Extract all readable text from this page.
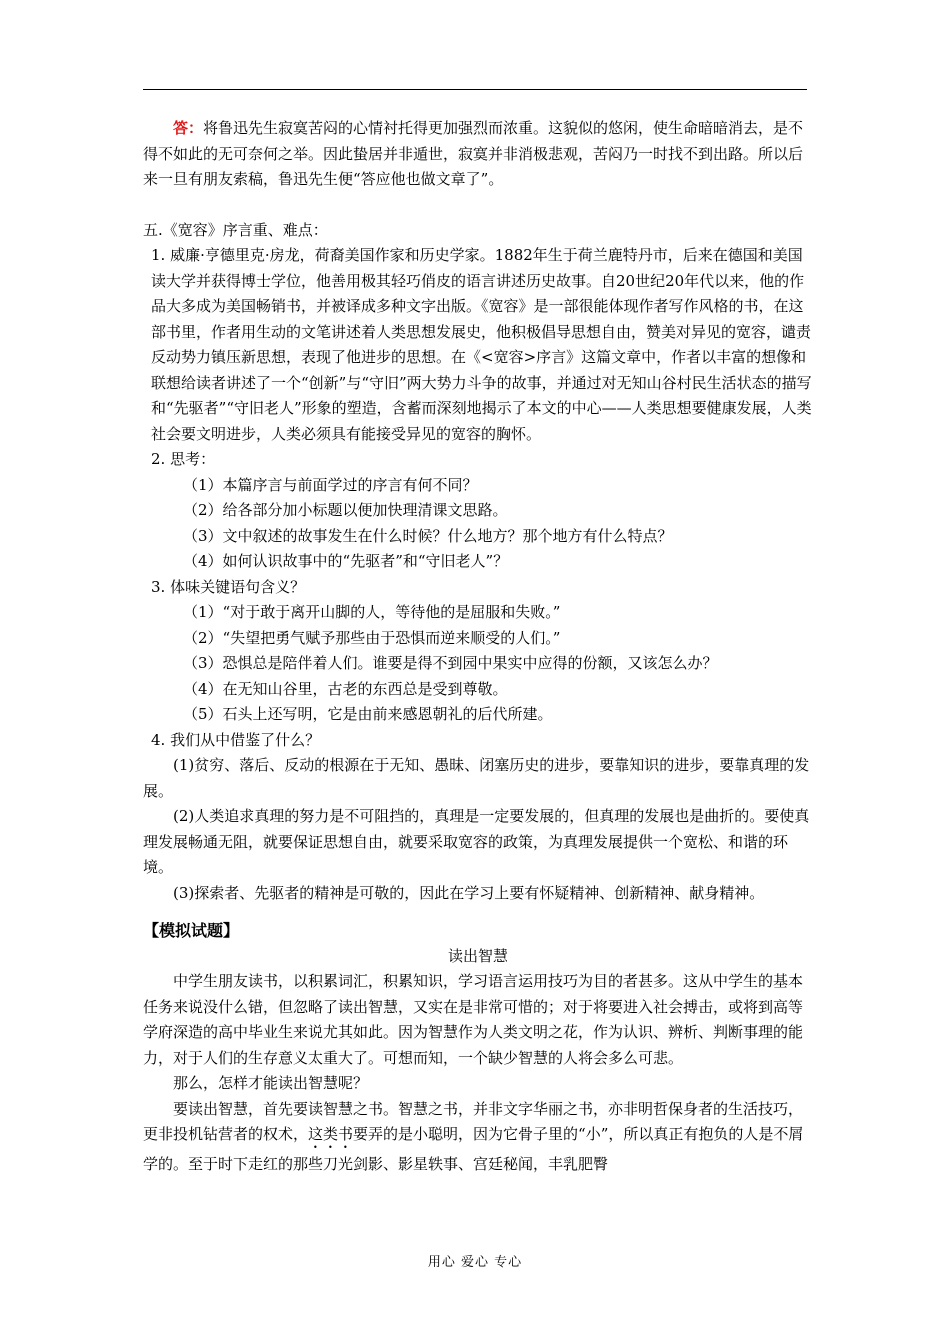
答：将鲁迅先生寂寞苦闷的心情衬托得更加强烈而浓重。这貌似的悠闲，使生命暗暗消去，是不得不如此的无可奈何之举。因此蛰居并非遁世，寂寞并非消极悲观，苦闷乃一时找不到出路。所以后来一旦有朋友索稿，鲁迅先生便“答应他也做文章了”。

五.《宽容》序言重、难点：

1. 威廉·亨德里克·房龙，荷裔美国作家和历史学家。1882年生于荷兰鹿特丹市，后来在德国和美国读大学并获得博士学位，他善用极其轻巧俏皮的语言讲述历史故事。自20世纪20年代以来，他的作品大多成为美国畅销书，并被译成多种文字出版。《宽容》是一部很能体现作者写作风格的书，在这部书里，作者用生动的文笔讲述着人类思想发展史，他积极倡导思想自由，赞美对异见的宽容，谴责反动势力镇压新思想，表现了他进步的思想。在《<宽容>序言》这篇文章中，作者以丰富的想像和联想给读者讲述了一个“创新”与“守旧”两大势力斗争的故事，并通过对无知山谷村民生活状态的描写和“先驱者”“守旧老人”形象的塑造，含蓄而深刻地揭示了本文的中心——人类思想要健康发展，人类社会要文明进步，人类必须具有能接受异见的宽容的胸怀。

2. 思考：

（1）本篇序言与前面学过的序言有何不同？

（2）给各部分加小标题以便加快理清课文思路。

（3）文中叙述的故事发生在什么时候？什么地方？那个地方有什么特点？

（4）如何认识故事中的“先驱者”和“守旧老人”？

3. 体味关键语句含义？

（1）“对于敢于离开山脚的人，等待他的是屈服和失败。”

（2）“失望把勇气赋予那些由于恐惧而逆来顺受的人们。”

（3）恐惧总是陪伴着人们。谁要是得不到园中果实中应得的份额，又该怎么办？

（4）在无知山谷里，古老的东西总是受到尊敬。

（5）石头上还写明，它是由前来感恩朝礼的后代所建。

4. 我们从中借鉴了什么？

(1)贫穷、落后、反动的根源在于无知、愚昧、闭塞历史的进步，要靠知识的进步，要靠真理的发展。

(2)人类追求真理的努力是不可阻挡的，真理是一定要发展的，但真理的发展也是曲折的。要使真理发展畅通无阻，就要保证思想自由，就要采取宽容的政策，为真理发展提供一个宽松、和谐的环境。

(3)探索者、先驱者的精神是可敬的，因此在学习上要有怀疑精神、创新精神、献身精神。

【模拟试题】

读出智慧

中学生朋友读书，以积累词汇，积累知识，学习语言运用技巧为目的者甚多。这从中学生的基本任务来说没什么错，但忽略了读出智慧，又实在是非常可惜的；对于将要进入社会搏击，或将到高等学府深造的高中毕业生来说尤其如此。因为智慧作为人类文明之花，作为认识、辨析、判断事理的能力，对于人们的生存意义太重大了。可想而知，一个缺少智慧的人将会多么可悲。

那么，怎样才能读出智慧呢？

要读出智慧，首先要读智慧之书。智慧之书，并非文字华丽之书，亦非明哲保身者的生活技巧，更非投机钻营者的权术，这类书要弄的是小聪明，因为它骨子里的“小”，所以真正有抱负的人是不屑学的。至于时下走红的那些刀光剑影、影星轶事、宫廷秘闻，丰乳肥臀

用心 爱心 专心
